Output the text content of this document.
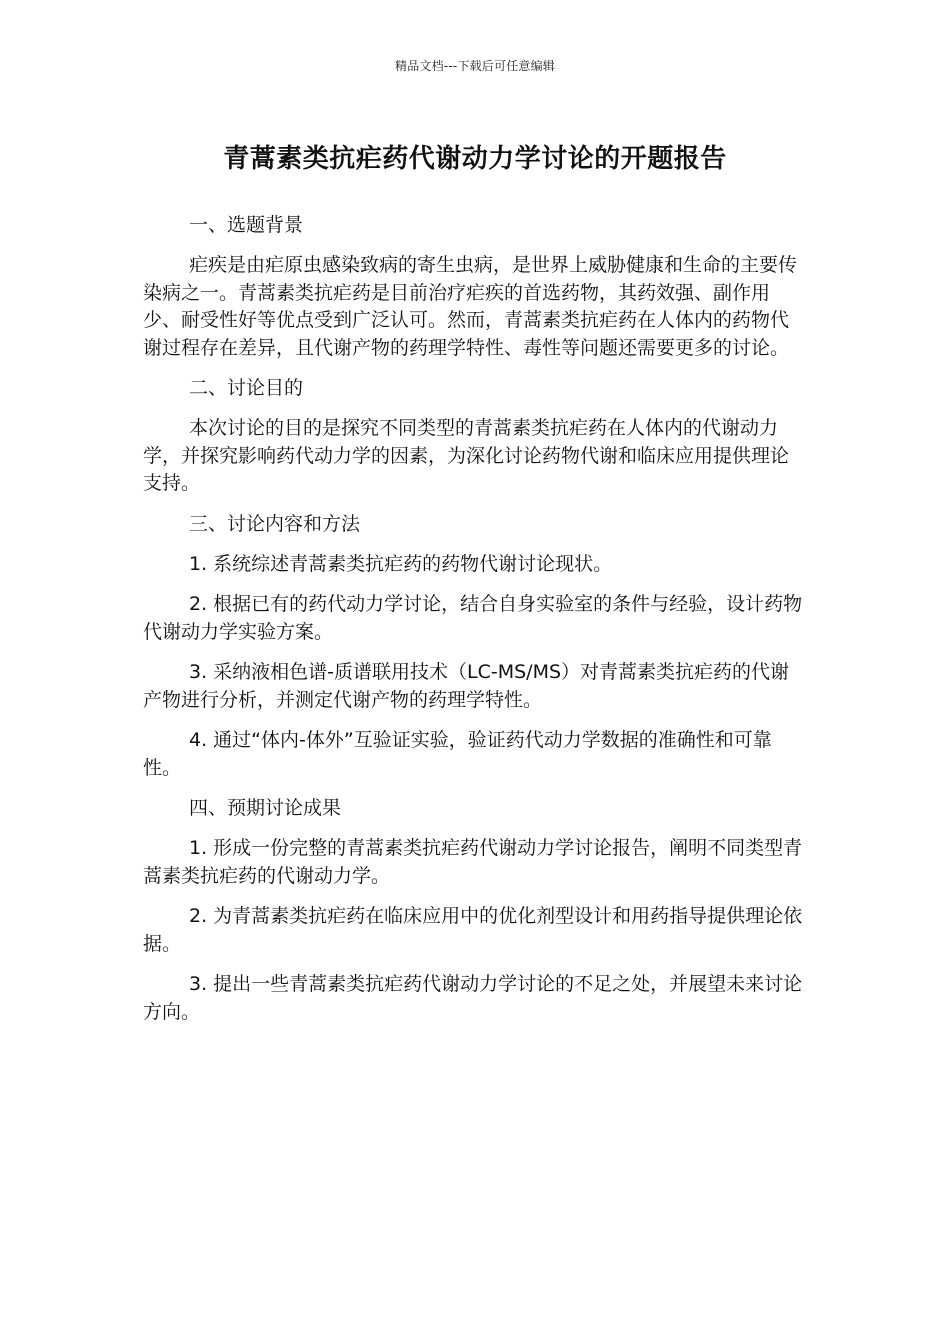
精品文档---下载后可任意编辑
青蒿素类抗疟药代谢动力学讨论的开题报告
一、选题背景
疟疾是由疟原虫感染致病的寄生虫病，是世界上威胁健康和生命的主要传染病之一。青蒿素类抗疟药是目前治疗疟疾的首选药物，其药效强、副作用少、耐受性好等优点受到广泛认可。然而，青蒿素类抗疟药在人体内的药物代谢过程存在差异，且代谢产物的药理学特性、毒性等问题还需要更多的讨论。
二、讨论目的
本次讨论的目的是探究不同类型的青蒿素类抗疟药在人体内的代谢动力学，并探究影响药代动力学的因素，为深化讨论药物代谢和临床应用提供理论支持。
三、讨论内容和方法
1. 系统综述青蒿素类抗疟药的药物代谢讨论现状。
2. 根据已有的药代动力学讨论，结合自身实验室的条件与经验，设计药物代谢动力学实验方案。
3. 采纳液相色谱-质谱联用技术（LC-MS/MS）对青蒿素类抗疟药的代谢产物进行分析，并测定代谢产物的药理学特性。
4. 通过“体内-体外”互验证实验，验证药代动力学数据的准确性和可靠性。
四、预期讨论成果
1. 形成一份完整的青蒿素类抗疟药代谢动力学讨论报告，阐明不同类型青蒿素类抗疟药的代谢动力学。
2. 为青蒿素类抗疟药在临床应用中的优化剂型设计和用药指导提供理论依据。
3. 提出一些青蒿素类抗疟药代谢动力学讨论的不足之处，并展望未来讨论方向。
